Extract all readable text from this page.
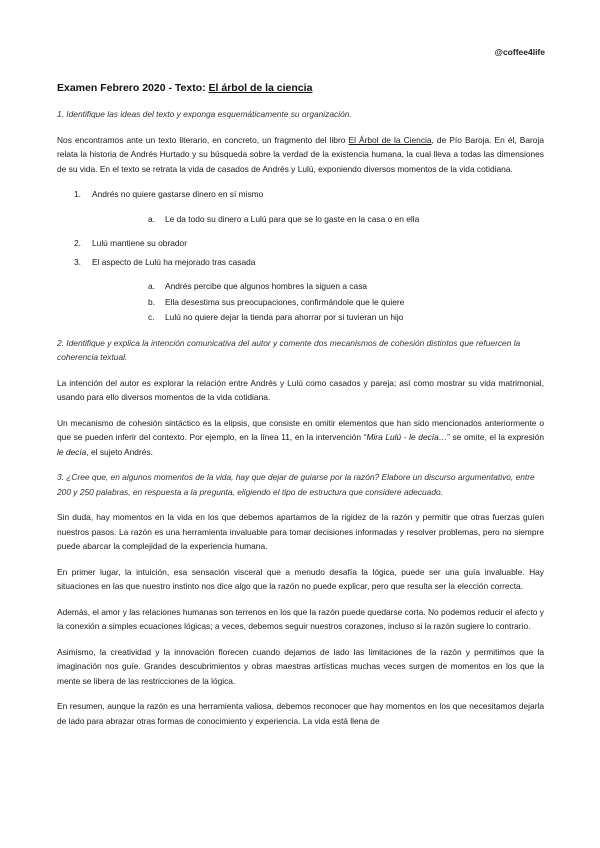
@coffee4life
Examen Febrero 2020 - Texto: El árbol de la ciencia

1. Identifique las ideas del texto y exponga esquemáticamente su organización.

Nos encontramos ante un texto literario, en concreto, un fragmento del libro El Árbol de la Ciencia, de Pío Baroja. En él, Baroja relata la historia de Andrés Hurtado y su búsqueda sobre la verdad de la existencia humana, la cual lleva a todas las dimensiones de su vida. En el texto se retrata la vida de casados de Andrés y Lulú, exponiendo diversos momentos de la vida cotidiana.

1. Andrés no quiere gastarse dinero en sí mismo
a. Le da todo su dinero a Lulú para que se lo gaste en la casa o en ella
2. Lulú mantiene su obrador
3. El aspecto de Lulú ha mejorado tras casada
a. Andrés percibe que algunos hombres la siguen a casa
b. Ella desestima sus preocupaciones, confirmándole que le quiere
c. Lulú no quiere dejar la tienda para ahorrar por si tuvieran un hijo

2. Identifique y explica la intención comunicativa del autor y comente dos mecanismos de cohesión distintos que refuercen la coherencia textual.

La intención del autor es explorar la relación entre Andrés y Lulú como casados y pareja; así como mostrar su vida matrimonial, usando para ello diversos momentos de la vida cotidiana.

Un mecanismo de cohesión sintáctico es la elipsis, que consiste en omitir elementos que han sido mencionados anteriormente o que se pueden inferir del contexto. Por ejemplo, en la línea 11, en la intervención “Mira Lulú - le decía…” se omite, el la expresión le decía, el sujeto Andrés.

3. ¿Cree que, en algunos momentos de la vida, hay que dejar de guiarse por la razón? Elabore un discurso argumentativo, entre 200 y 250 palabras, en respuesta a la pregunta, eligiendo el tipo de estructura que considere adecuado.

Sin duda, hay momentos en la vida en los que debemos apartarnos de la rigidez de la razón y permitir que otras fuerzas guíen nuestros pasos. La razón es una herramienta invaluable para tomar decisiones informadas y resolver problemas, pero no siempre puede abarcar la complejidad de la experiencia humana.

En primer lugar, la intuición, esa sensación visceral que a menudo desafía la lógica, puede ser una guía invaluable. Hay situaciones en las que nuestro instinto nos dice algo que la razón no puede explicar, pero que resulta ser la elección correcta.

Además, el amor y las relaciones humanas son terrenos en los que la razón puede quedarse corta. No podemos reducir el afecto y la conexión a simples ecuaciones lógicas; a veces, debemos seguir nuestros corazones, incluso si la razón sugiere lo contrario.

Asimismo, la creatividad y la innovación florecen cuando dejamos de lado las limitaciones de la razón y permitimos que la imaginación nos guíe. Grandes descubrimientos y obras maestras artísticas muchas veces surgen de momentos en los que la mente se libera de las restricciones de la lógica.

En resumen, aunque la razón es una herramienta valiosa, debemos reconocer que hay momentos en los que necesitamos dejarla de lado para abrazar otras formas de conocimiento y experiencia. La vida está llena de
